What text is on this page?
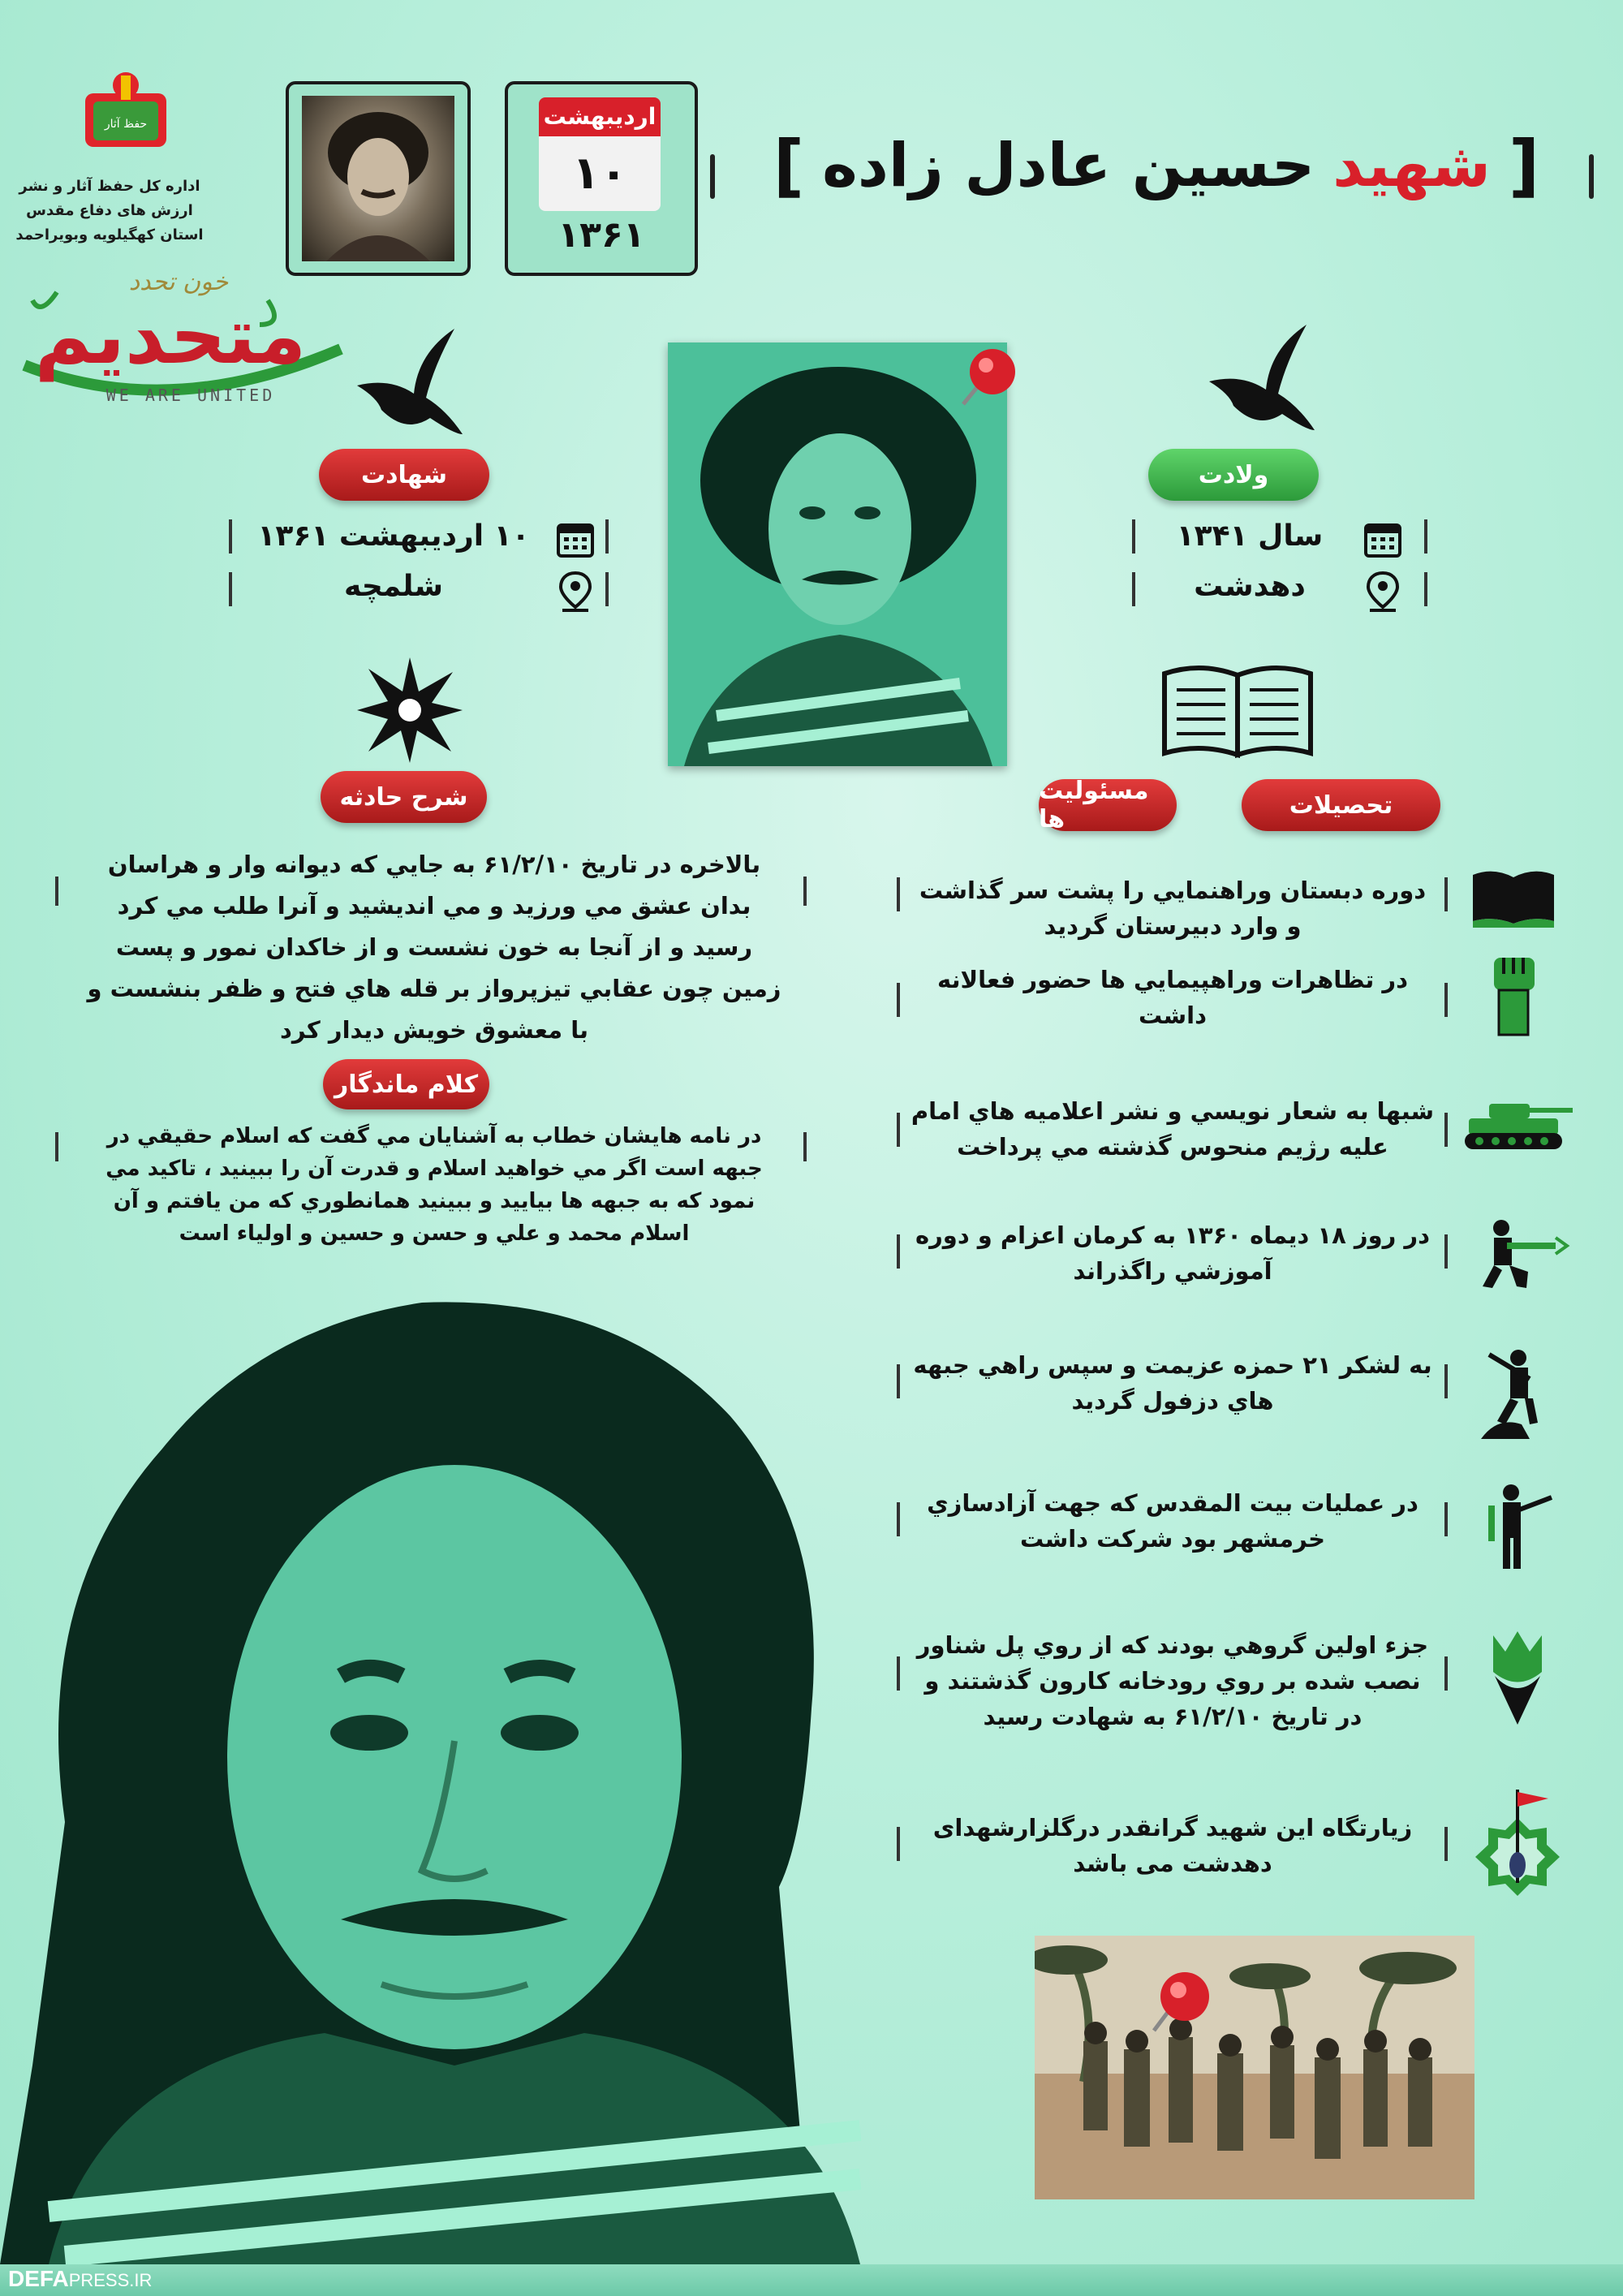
حفظ آثار
اداره کل حفظ آثار و نشر ارزش های دفاع مقدس
استان کهگیلویه وبویراحمد
اردیبهشت
۱۰
۱۳۶۱
[
شهید
حسین عادل زاده
]
خون تحدد
متحدیم
WE ARE UNITED
ولادت
سال ۱۳۴۱
دهدشت
مسئولیت ها	تحصیلات
شهادت
۱۰ اردیبهشت ۱۳۶۱
شلمچه
شرح حادثه
بالاخره در تاريخ ۶۱/۲/۱۰ به جايي كه ديوانه وار و هراسان بدان عشق مي ورزيد و مي انديشيد و آنرا طلب مي كرد رسيد و از آنجا به خون نشست و از خاكدان نمور و پست زمين چون عقابي تيزپرواز بر قله هاي فتح و ظفر بنشست و با معشوق خويش ديدار كرد
كلام ماندگار
در نامه هايشان خطاب به آشنايان مي گفت كه اسلام حقيقي در جبهه است اگر مي خواهيد اسلام و قدرت آن را ببينيد ، تاكيد مي نمود كه به جبهه ها بياييد و ببينيد همانطوري كه من يافتم و آن اسلام محمد و علي و حسن و حسين و اولياء است
دوره دبستان وراهنمايي را پشت سر گذاشت و وارد دبيرستان گرديد
در تظاهرات وراهپيمايي ها حضور فعالانه داشت
شبها به شعار نويسي و نشر اعلاميه هاي امام عليه رژيم منحوس گذشته مي پرداخت
در روز ۱۸ ديماه ۱۳۶۰ به كرمان اعزام و دوره آموزشي راگذراند
به لشكر ۲۱ حمزه عزيمت و سپس راهي جبهه هاي دزفول گرديد
در عمليات بيت المقدس كه جهت آزادسازي خرمشهر بود شركت داشت
جزء اولين گروهي بودند كه از روي پل شناور نصب شده بر روي رودخانه كارون گذشتند و در تاريخ ۶۱/۲/۱۰ به شهادت رسيد
زیارتگاه این شهید گرانقدر درگلزارشهدای دهدشت می باشد
DEFAPRESS.IR
